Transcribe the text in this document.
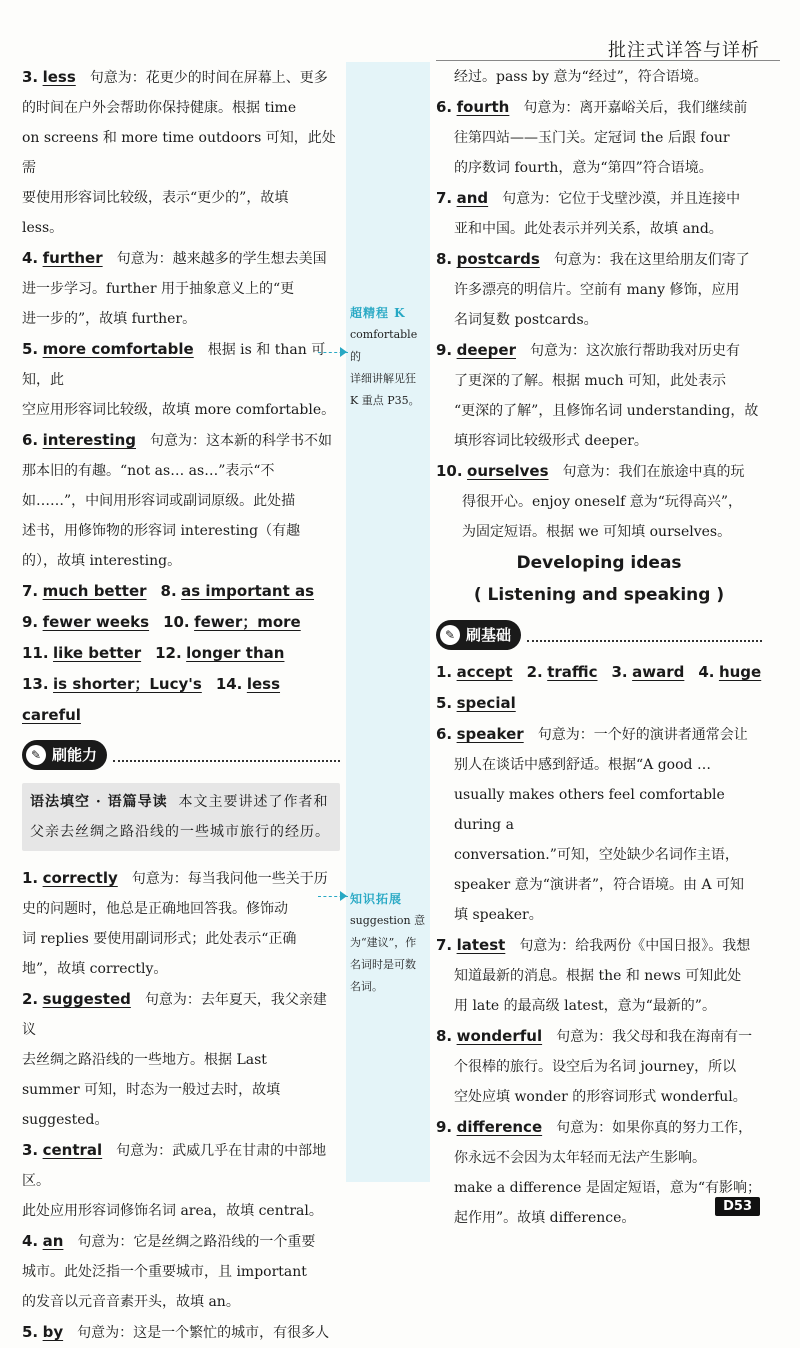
批注式详答与详析
超精程 K
comfortable 的
详细讲解见狂
K 重点 P35。
知识拓展
suggestion 意
为“建议”，作
名词时是可数
名词。
3. less 句意为：花更少的时间在屏幕上、更多
的时间在户外会帮助你保持健康。根据 time
on screens 和 more time outdoors 可知，此处需
要使用形容词比较级，表示“更少的”，故填
less。
4. further 句意为：越来越多的学生想去美国
进一步学习。further 用于抽象意义上的“更
进一步的”，故填 further。
5. more comfortable 根据 is 和 than 可知，此
空应用形容词比较级，故填 more comfortable。
6. interesting 句意为：这本新的科学书不如
那本旧的有趣。“not as… as…”表示“不
如……”，中间用形容词或副词原级。此处描
述书，用修饰物的形容词 interesting（有趣
的），故填 interesting。
7. much better 8. as important as
9. fewer weeks 10. fewer；more
11. like better 12. longer than
13. is shorter；Lucy's 14. less careful
✎ 刷能力
语法填空 · 语篇导读 本文主要讲述了作者和父亲去丝绸之路沿线的一些城市旅行的经历。
1. correctly 句意为：每当我问他一些关于历
史的问题时，他总是正确地回答我。修饰动
词 replies 要使用副词形式；此处表示“正确
地”，故填 correctly。
2. suggested 句意为：去年夏天，我父亲建议
去丝绸之路沿线的一些地方。根据 Last
summer 可知，时态为一般过去时，故填
suggested。
3. central 句意为：武威几乎在甘肃的中部地区。
此处应用形容词修饰名词 area，故填 central。
4. an 句意为：它是丝绸之路沿线的一个重要
城市。此处泛指一个重要城市，且 important
的发音以元音音素开头，故填 an。
5. by 句意为：这是一个繁忙的城市，有很多人
经过。pass by 意为“经过”，符合语境。
6. fourth 句意为：离开嘉峪关后，我们继续前
往第四站——玉门关。定冠词 the 后跟 four
的序数词 fourth，意为“第四”符合语境。
7. and 句意为：它位于戈壁沙漠，并且连接中
亚和中国。此处表示并列关系，故填 and。
8. postcards 句意为：我在这里给朋友们寄了
许多漂亮的明信片。空前有 many 修饰，应用
名词复数 postcards。
9. deeper 句意为：这次旅行帮助我对历史有
了更深的了解。根据 much 可知，此处表示
“更深的了解”，且修饰名词 understanding，故
填形容词比较级形式 deeper。
10. ourselves 句意为：我们在旅途中真的玩
得很开心。enjoy oneself 意为“玩得高兴”，
为固定短语。根据 we 可知填 ourselves。
Developing ideas
( Listening and speaking )
✎ 刷基础
1. accept 2. traffic 3. award 4. huge
5. special
6. speaker 句意为：一个好的演讲者通常会让
别人在谈话中感到舒适。根据“A good …
usually makes others feel comfortable during a
conversation.”可知，空处缺少名词作主语，
speaker 意为“演讲者”，符合语境。由 A 可知
填 speaker。
7. latest 句意为：给我两份《中国日报》。我想
知道最新的消息。根据 the 和 news 可知此处
用 late 的最高级 latest，意为“最新的”。
8. wonderful 句意为：我父母和我在海南有一
个很棒的旅行。设空后为名词 journey，所以
空处应填 wonder 的形容词形式 wonderful。
9. difference 句意为：如果你真的努力工作，
你永远不会因为太年轻而无法产生影响。
make a difference 是固定短语，意为“有影响；
起作用”。故填 difference。
D53
